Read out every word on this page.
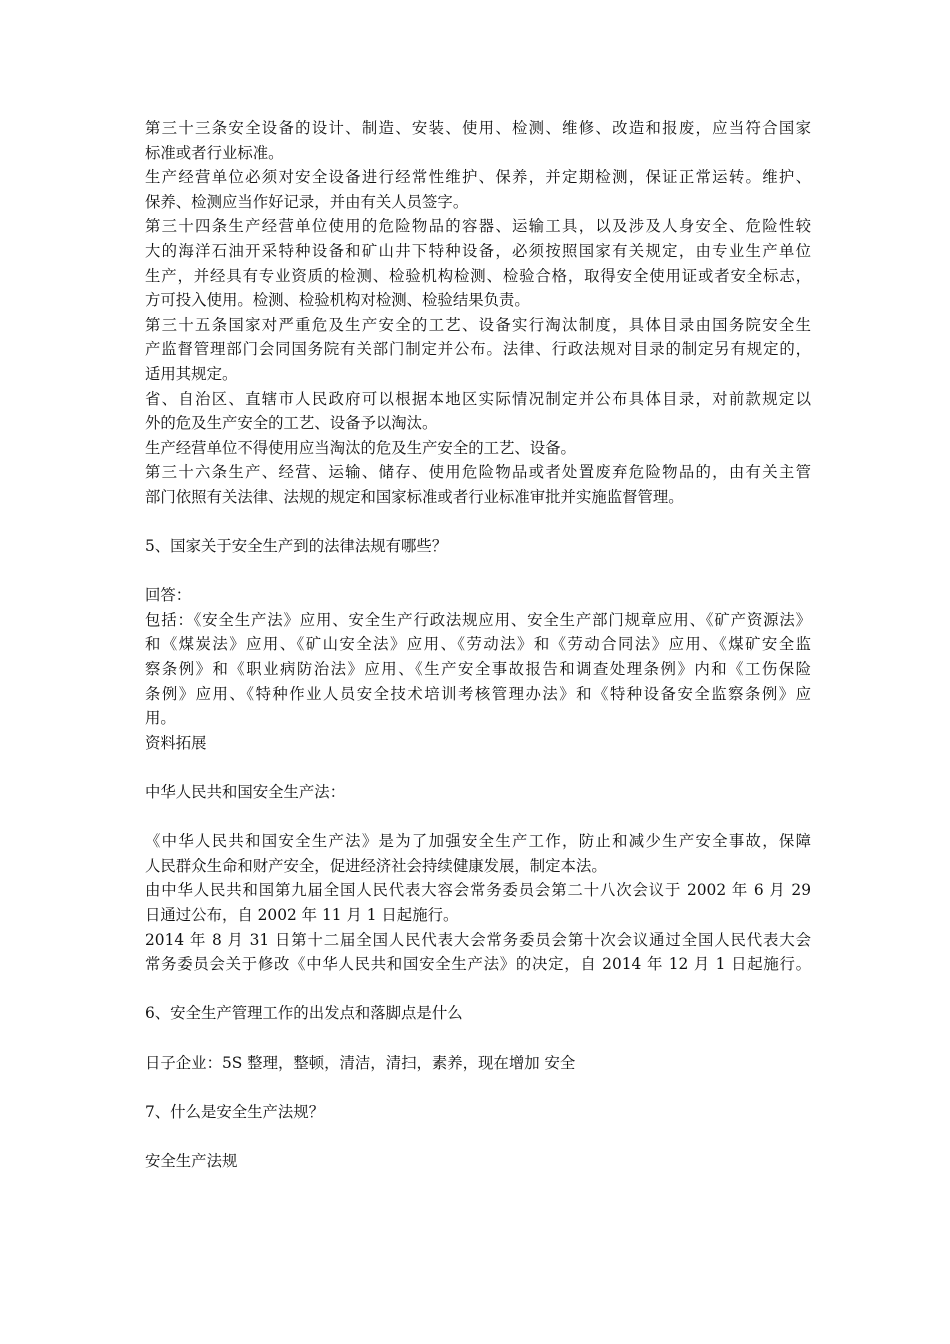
第三十三条安全设备的设计、制造、安装、使用、检测、维修、改造和报废，应当符合国家
标准或者行业标准。
生产经营单位必须对安全设备进行经常性维护、保养，并定期检测，保证正常运转。维护、
保养、检测应当作好记录，并由有关人员签字。
第三十四条生产经营单位使用的危险物品的容器、运输工具，以及涉及人身安全、危险性较
大的海洋石油开采特种设备和矿山井下特种设备，必须按照国家有关规定，由专业生产单位
生产，并经具有专业资质的检测、检验机构检测、检验合格，取得安全使用证或者安全标志，
方可投入使用。检测、检验机构对检测、检验结果负责。
第三十五条国家对严重危及生产安全的工艺、设备实行淘汰制度，具体目录由国务院安全生
产监督管理部门会同国务院有关部门制定并公布。法律、行政法规对目录的制定另有规定的，
适用其规定。
省、自治区、直辖市人民政府可以根据本地区实际情况制定并公布具体目录，对前款规定以
外的危及生产安全的工艺、设备予以淘汰。
生产经营单位不得使用应当淘汰的危及生产安全的工艺、设备。
第三十六条生产、经营、运输、储存、使用危险物品或者处置废弃危险物品的，由有关主管
部门依照有关法律、法规的规定和国家标准或者行业标准审批并实施监督管理。
5、国家关于安全生产到的法律法规有哪些？
回答：
包括：《安全生产法》应用、安全生产行政法规应用、安全生产部门规章应用、《矿产资源法》
和《煤炭法》应用、《矿山安全法》应用、《劳动法》和《劳动合同法》应用、《煤矿安全监
察条例》和《职业病防治法》应用、《生产安全事故报告和调查处理条例》内和《工伤保险
条例》应用、《特种作业人员安全技术培训考核管理办法》和《特种设备安全监察条例》应
用。
资料拓展
中华人民共和国安全生产法：
《中华人民共和国安全生产法》是为了加强安全生产工作，防止和减少生产安全事故，保障
人民群众生命和财产安全，促进经济社会持续健康发展，制定本法。
由中华人民共和国第九届全国人民代表大容会常务委员会第二十八次会议于 2002 年 6 月 29
日通过公布，自 2002 年 11 月 1 日起施行。
2014 年 8 月 31 日第十二届全国人民代表大会常务委员会第十次会议通过全国人民代表大会
常务委员会关于修改《中华人民共和国安全生产法》的决定，自 2014 年 12 月 1 日起施行。
6、安全生产管理工作的出发点和落脚点是什么
日子企业：5S 整理，整顿，清洁，清扫，素养，现在增加 安全
7、什么是安全生产法规？
安全生产法规
